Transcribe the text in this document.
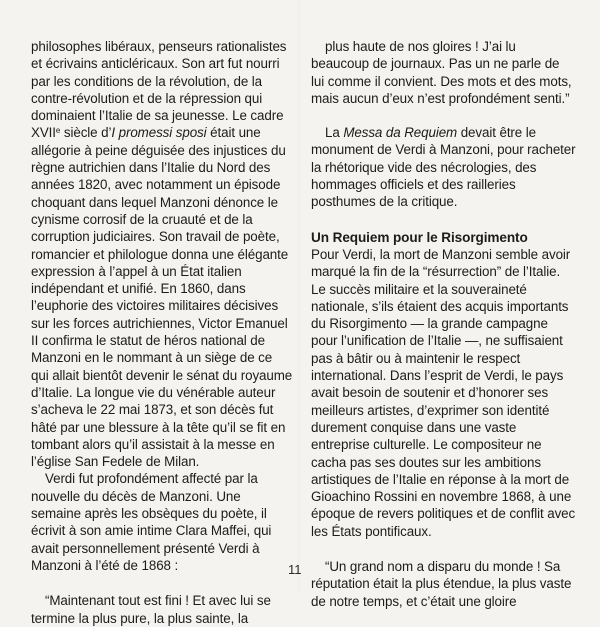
philosophes libéraux, penseurs rationalistes et écrivains anticléricaux. Son art fut nourri par les conditions de la révolution, de la contre-révolution et de la répression qui dominaient l’Italie de sa jeunesse. Le cadre XVIIe siècle d’I promessi sposi était une allégorie à peine déguisée des injustices du règne autrichien dans l’Italie du Nord des années 1820, avec notamment un épisode choquant dans lequel Manzoni dénonce le cynisme corrosif de la cruauté et de la corruption judiciaires. Son travail de poète, romancier et philologue donna une élégante expression à l’appel à un État italien indépendant et unifié. En 1860, dans l’euphorie des victoires militaires décisives sur les forces autrichiennes, Victor Emanuel II confirma le statut de héros national de Manzoni en le nommant à un siège de ce qui allait bientôt devenir le sénat du royaume d’Italie. La longue vie du vénérable auteur s’acheva le 22 mai 1873, et son décès fut hâté par une blessure à la tête qu’il se fit en tombant alors qu’il assistait à la messe en l’église San Fedele de Milan.

Verdi fut profondément affecté par la nouvelle du décès de Manzoni. Une semaine après les obsèques du poète, il écrivit à son amie intime Clara Maffei, qui avait personnellement présenté Verdi à Manzoni à l’été de 1868 :

“Maintenant tout est fini ! Et avec lui se termine la plus pure, la plus sainte, la

plus haute de nos gloires ! J’ai lu beaucoup de journaux. Pas un ne parle de lui comme il convient. Des mots et des mots, mais aucun d’eux n’est profondément senti.”

La Messa da Requiem devait être le monument de Verdi à Manzoni, pour racheter la rhétorique vide des nécrologies, des hommages officiels et des railleries posthumes de la critique.

Un Requiem pour le Risorgimento

Pour Verdi, la mort de Manzoni semble avoir marqué la fin de la “résurrection” de l’Italie. Le succès militaire et la souveraineté nationale, s’ils étaient des acquis importants du Risorgimento — la grande campagne pour l’unification de l’Italie —, ne suffisaient pas à bâtir ou à maintenir le respect international. Dans l’esprit de Verdi, le pays avait besoin de soutenir et d’honorer ses meilleurs artistes, d’exprimer son identité durement conquise dans une vaste entreprise culturelle. Le compositeur ne cacha pas ses doutes sur les ambitions artistiques de l’Italie en réponse à la mort de Gioachino Rossini en novembre 1868, à une époque de revers politiques et de conflit avec les États pontificaux.

“Un grand nom a disparu du monde ! Sa réputation était la plus étendue, la plus vaste de notre temps, et c’était une gloire

11
